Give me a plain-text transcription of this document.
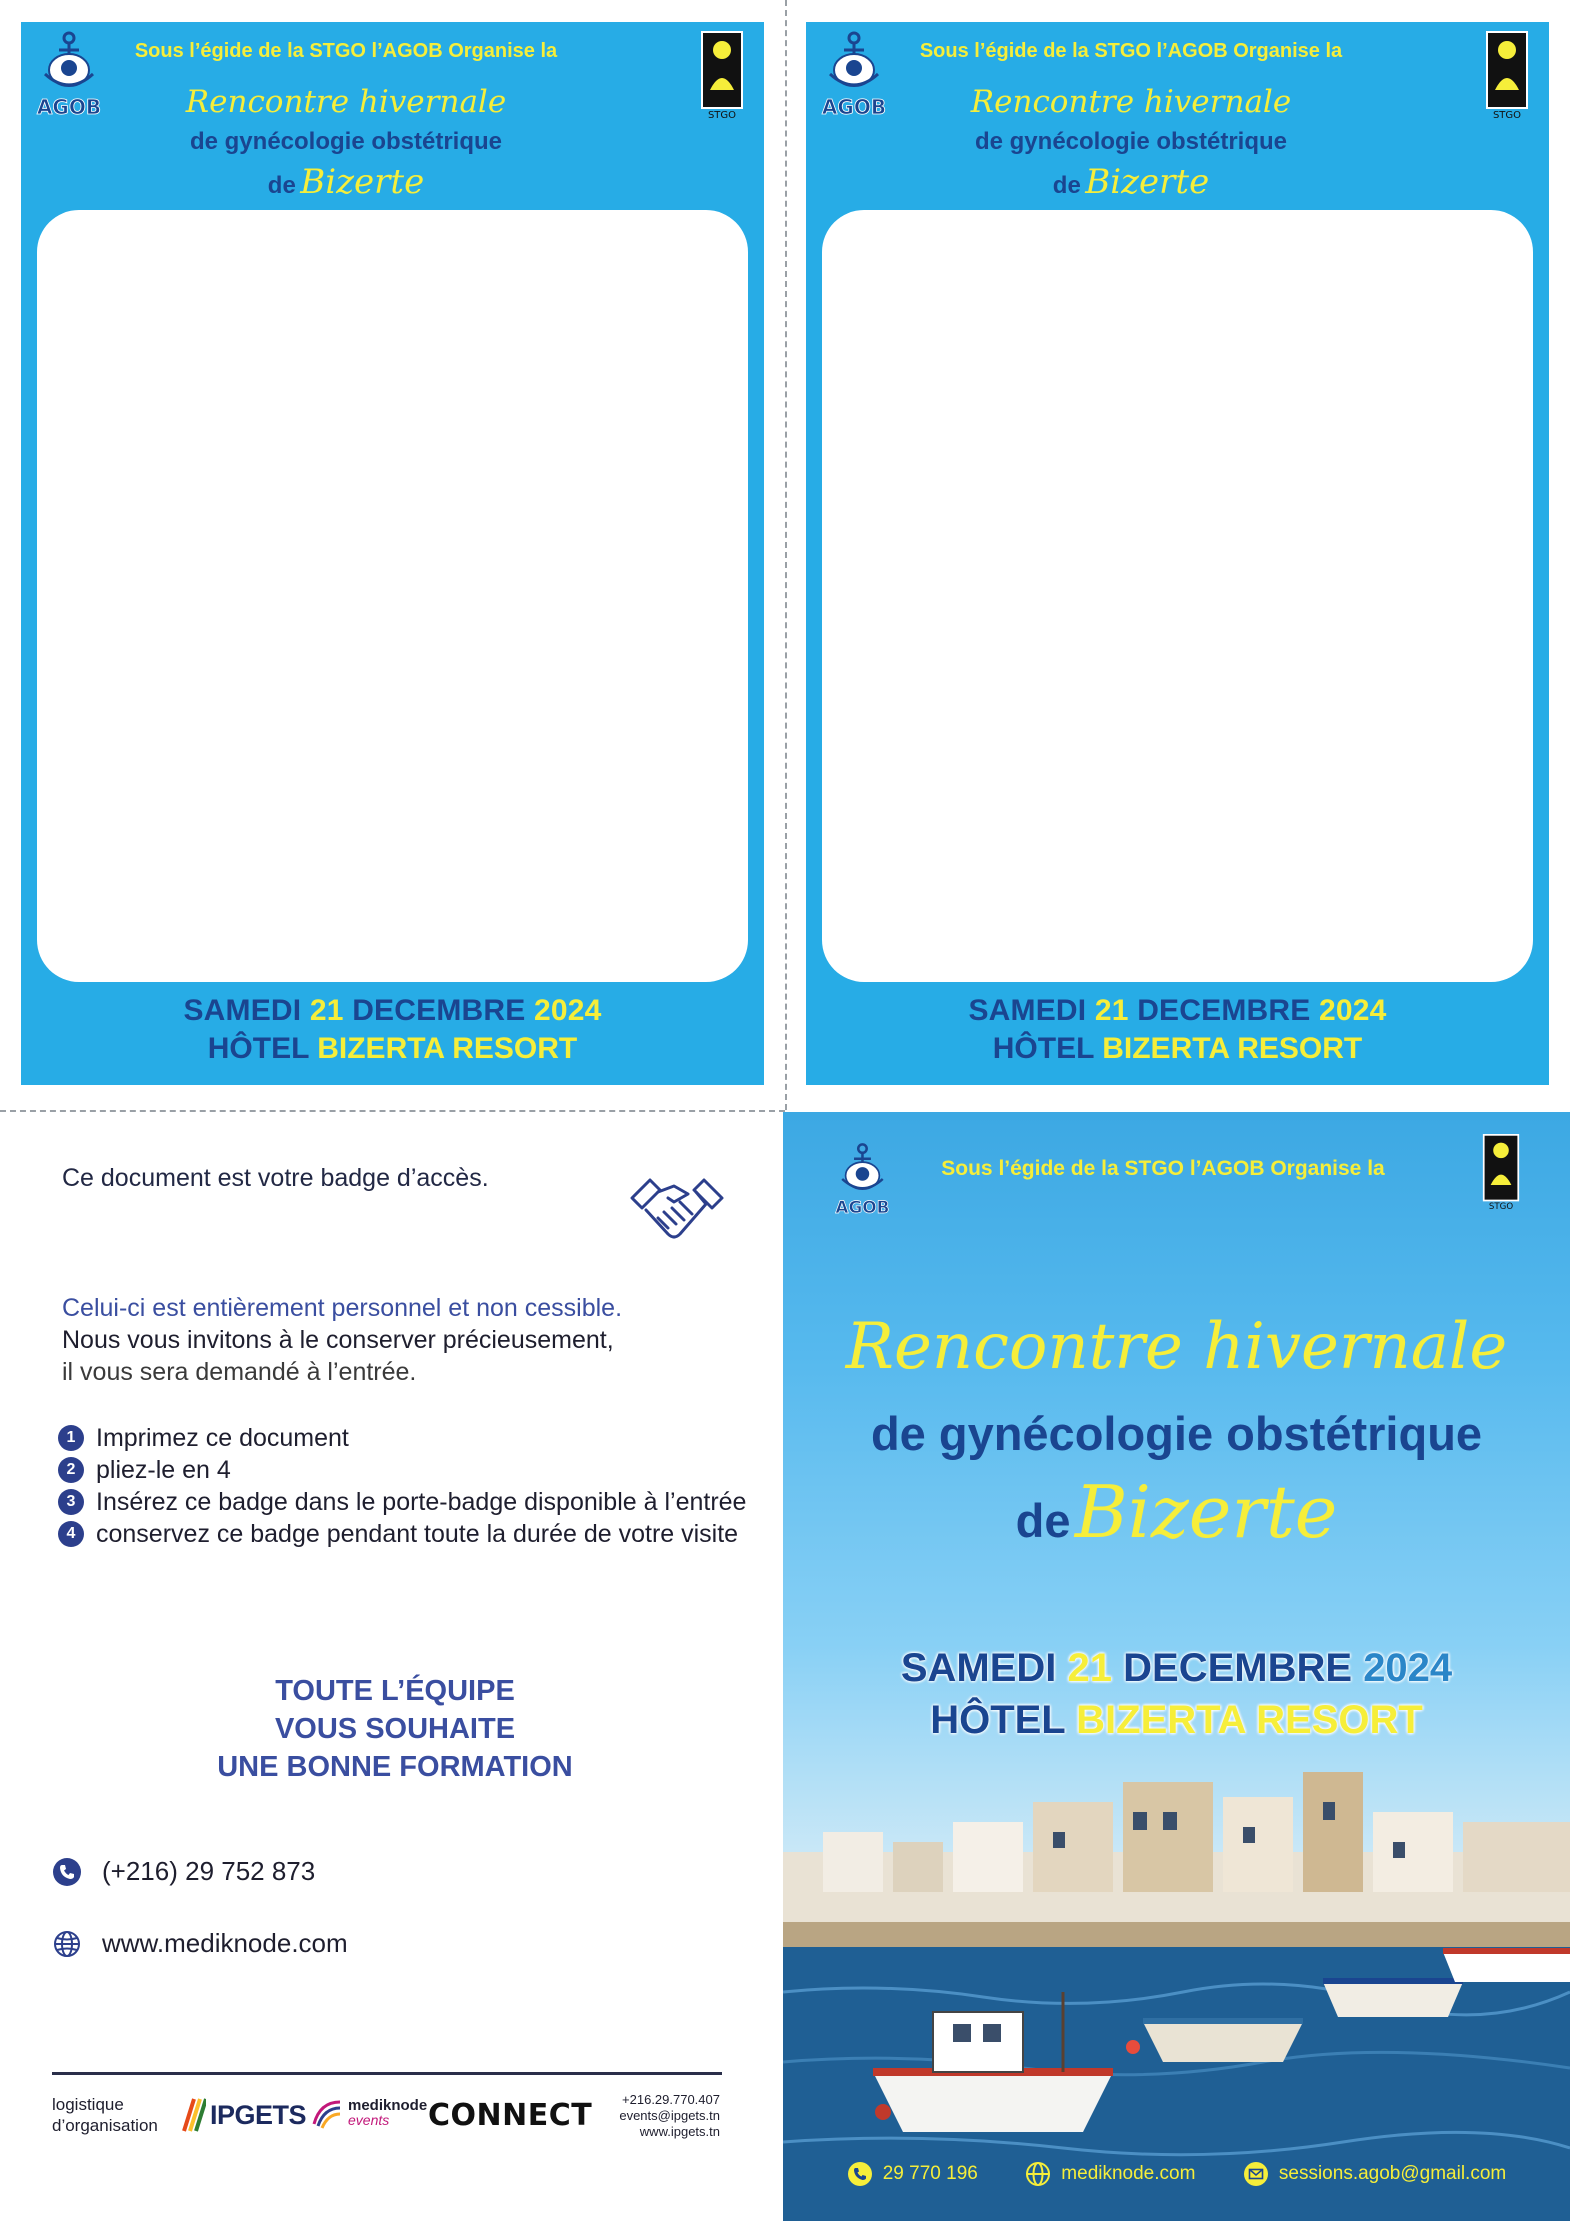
AGOB	STGO
Sous l’égide de la STGO l’AGOB Organise la
Rencontre hivernale
de gynécologie obstétrique
de Bizerte
SAMEDI 21 DECEMBRE 2024
HÔTEL BIZERTA RESORT
AGOB	STGO
Sous l’égide de la STGO l’AGOB Organise la
Rencontre hivernale
de gynécologie obstétrique
de Bizerte
SAMEDI 21 DECEMBRE 2024
HÔTEL BIZERTA RESORT
Ce document est votre badge d’accès.
Celui-ci est entièrement personnel et non cessible.
Nous vous invitons à le conserver précieusement,
il vous sera demandé à l’entrée.
1 Imprimez ce document
2 pliez-le en 4
3 Insérez ce badge dans le porte-badge disponible à l’entrée
4 conservez ce badge pendant toute la durée de votre visite
TOUTE L’ÉQUIPE
VOUS SOUHAITE
UNE BONNE FORMATION
(+216) 29 752 873
www.mediknode.com
logistique
d’organisation IPGETS	mediknode
events	CONNECT +216.29.770.407
events@ipgets.tn
www.ipgets.tn
AGOB	STGO
Sous l’égide de la STGO l’AGOB Organise la
Rencontre hivernale
de gynécologie obstétrique
de Bizerte
SAMEDI 21 DECEMBRE 2024
HÔTEL BIZERTA RESORT
29 770 196	mediknode.com	sessions.agob@gmail.com
